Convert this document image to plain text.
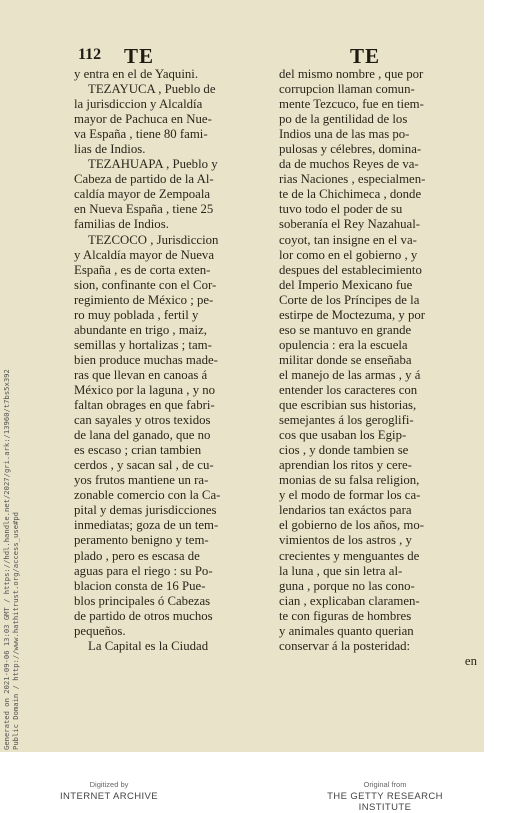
112 TE	TE
y entra en el de Yaquini.
TEZAYUCA , Pueblo de
la jurisdiccion y Alcaldía
mayor de Pachuca en Nue-
va España , tiene 80 fami-
lias de Indios.
TEZAHUAPA , Pueblo y
Cabeza de partido de la Al-
caldía mayor de Zempoala
en Nueva España , tiene 25
familias de Indios.
TEZCOCO , Jurisdiccion
y Alcaldía mayor de Nueva
España , es de corta exten-
sion, confinante con el Cor-
regimiento de México ; pe-
ro muy poblada , fertil y
abundante en trigo , maiz,
semillas y hortalizas ; tam-
bien produce muchas made-
ras que llevan en canoas á
México por la laguna , y no
faltan obrages en que fabri-
can sayales y otros texidos
de lana del ganado, que no
es escaso ; crian tambien
cerdos , y sacan sal , de cu-
yos frutos mantiene un ra-
zonable comercio con la Ca-
pital y demas jurisdicciones
inmediatas; goza de un tem-
peramento benigno y tem-
plado , pero es escasa de
aguas para el riego : su Po-
blacion consta de 16 Pue-
blos principales ó Cabezas
de partido de otros muchos
pequeños.
La Capital es la Ciudad
del mismo nombre , que por
corrupcion llaman comun-
mente Tezcuco, fue en tiem-
po de la gentilidad de los
Indios una de las mas po-
pulosas y célebres, domina-
da de muchos Reyes de va-
rias Naciones , especialmen-
te de la Chichimeca , donde
tuvo todo el poder de su
soberanía el Rey Nazahual-
coyot, tan insigne en el va-
lor como en el gobierno , y
despues del establecimiento
del Imperio Mexicano fue
Corte de los Príncipes de la
estirpe de Moctezuma, y por
eso se mantuvo en grande
opulencia : era la escuela
militar donde se enseñaba
el manejo de las armas , y á
entender los caracteres con
que escribian sus historias,
semejantes á los geroglifi-
cos que usaban los Egip-
cios , y donde tambien se
aprendian los ritos y cere-
monias de su falsa religion,
y el modo de formar los ca-
lendarios tan exáctos para
el gobierno de los años, mo-
vimientos de los astros , y
crecientes y menguantes de
la luna , que sin letra al-
guna , porque no las cono-
cian , explicaban claramen-
te con figuras de hombres
y animales quanto querian
conservar á la posteridad:
en
Generated on 2021-09-06 13:03 GMT / https://hdl.handle.net/2027/gri.ark:/13960/t7bs5x392 Public Domain / http://www.hathitrust.org/access_use#pd
Digitized by
INTERNET ARCHIVE
Original from
THE GETTY RESEARCH INSTITUTE
